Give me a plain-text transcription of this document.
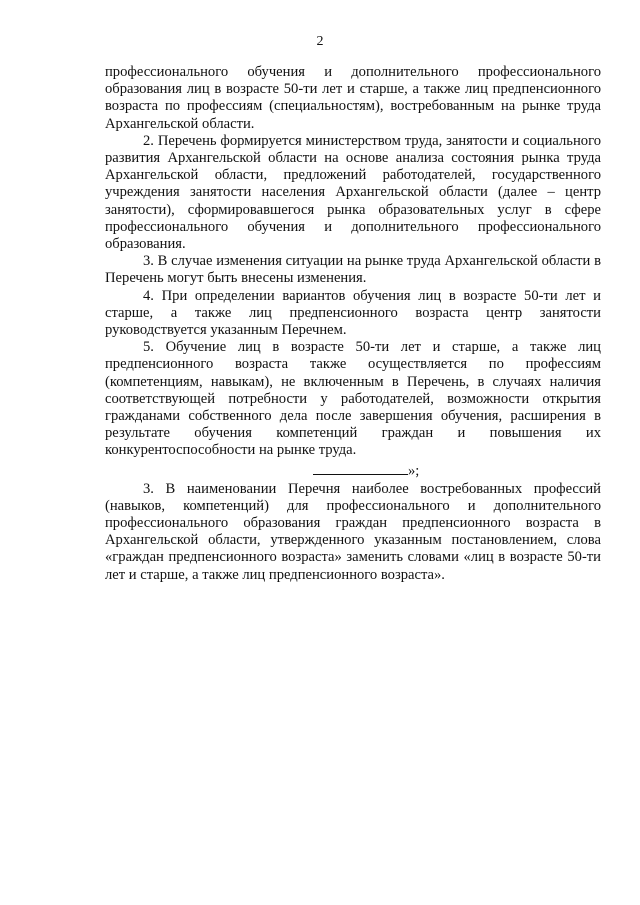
2

профессионального обучения и дополнительного профессионального образования лиц в возрасте 50-ти лет и старше, а также лиц предпенсионного возраста по профессиям (специальностям), востребованным на рынке труда Архангельской области.

2. Перечень формируется министерством труда, занятости и социального развития Архангельской области на основе анализа состояния рынка труда Архангельской области, предложений работодателей, государственного учреждения занятости населения Архангельской области (далее – центр занятости), сформировавшегося рынка образовательных услуг в сфере профессионального обучения и дополнительного профессионального образования.

3. В случае изменения ситуации на рынке труда Архангельской области в Перечень могут быть внесены изменения.

4. При определении вариантов обучения лиц в возрасте 50-ти лет и старше, а также лиц предпенсионного возраста центр занятости руководствуется указанным Перечнем.

5. Обучение лиц в возрасте 50-ти лет и старше, а также лиц предпенсионного возраста также осуществляется по профессиям (компетенциям, навыкам), не включенным в Перечень, в случаях наличия соответствующей потребности у работодателей, возможности открытия гражданами собственного дела после завершения обучения, расширения в результате обучения компетенций граждан и повышения их конкурентоспособности на рынке труда.

»;

3. В наименовании Перечня наиболее востребованных профессий (навыков, компетенций) для профессионального и дополнительного профессионального образования граждан предпенсионного возраста в Архангельской области, утвержденного указанным постановлением, слова «граждан предпенсионного возраста» заменить словами «лиц в возрасте 50-ти лет и старше, а также лиц предпенсионного возраста».
